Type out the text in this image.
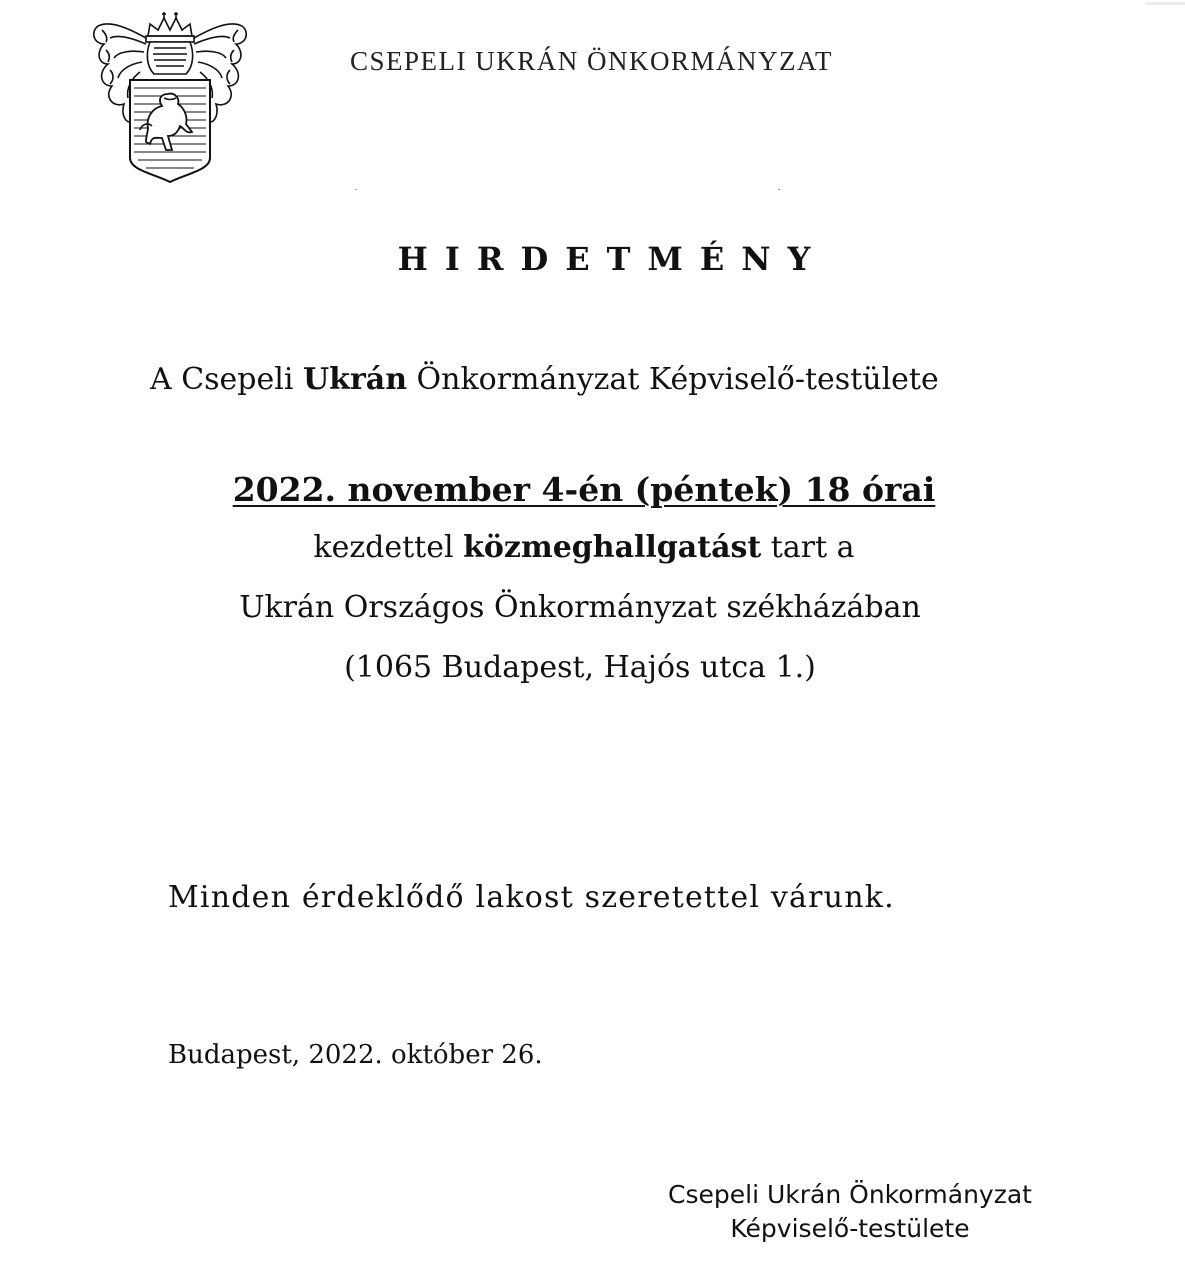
CSEPELI UKRÁN ÖNKORMÁNYZAT
HIRDETMÉNY
A Csepeli Ukrán Önkormányzat Képviselő-testülete
2022. november 4-én (péntek) 18 órai
kezdettel közmeghallgatást tart a
Ukrán Országos Önkormányzat székházában
(1065 Budapest, Hajós utca 1.)
Minden érdeklődő lakost szeretettel várunk.
Budapest, 2022. október 26.
Csepeli Ukrán Önkormányzat
Képviselő-testülete
